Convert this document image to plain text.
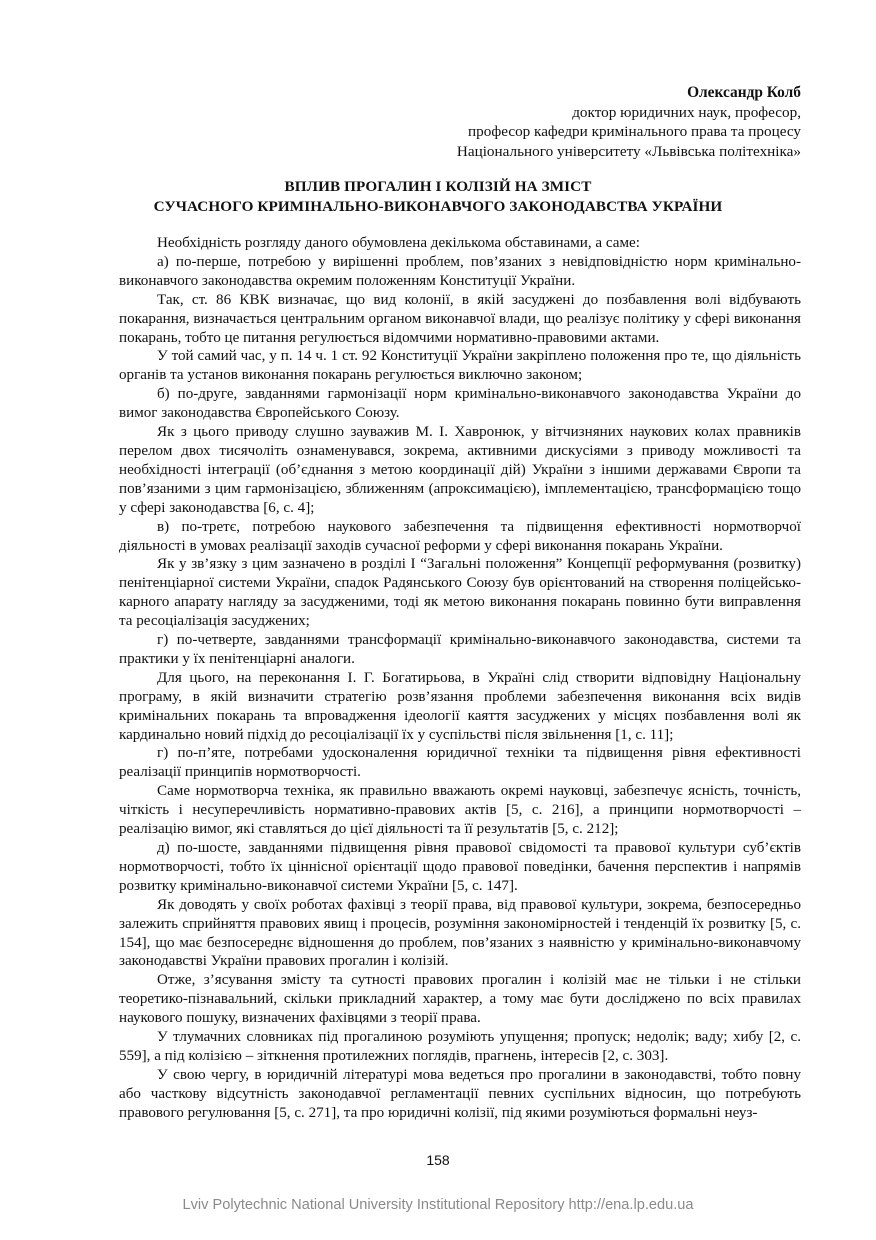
Олександр Колб
доктор юридичних наук, професор,
професор кафедри кримінального права та процесу
Національного університету «Львівська політехніка»
ВПЛИВ ПРОГАЛИН І КОЛІЗІЙ НА ЗМІСТ
СУЧАСНОГО КРИМІНАЛЬНО-ВИКОНАВЧОГО ЗАКОНОДАВСТВА УКРАЇНИ

Необхідність розгляду даного обумовлена декількома обставинами, а саме:

а) по-перше, потребою у вирішенні проблем, пов’язаних з невідповідністю норм кримінально-виконавчого законодавства окремим положенням Конституції України.

Так, ст. 86 КВК визначає, що вид колонії, в якій засуджені до позбавлення волі відбувають покарання, визначається центральним органом виконавчої влади, що реалізує політику у сфері виконання покарань, тобто це питання регулюється відомчими нормативно-правовими актами.

У той самий час, у п. 14 ч. 1 ст. 92 Конституції України закріплено положення про те, що діяльність органів та установ виконання покарань регулюється виключно законом;

б) по-друге, завданнями гармонізації норм кримінально-виконавчого законодавства України до вимог законодавства Європейського Союзу.

Як з цього приводу слушно зауважив М. І. Хавронюк, у вітчизняних наукових колах правників перелом двох тисячоліть ознаменувався, зокрема, активними дискусіями з приводу можливості та необхідності інтеграції (об’єднання з метою координації дій) України з іншими державами Європи та пов’язаними з цим гармонізацією, зближенням (апроксимацією), імплементацією, трансформацією тощо у сфері законодавства [6, с. 4];

в) по-третє, потребою наукового забезпечення та підвищення ефективності нормотворчої діяльності в умовах реалізації заходів сучасної реформи у сфері виконання покарань України.

Як у зв’язку з цим зазначено в розділі І “Загальні положення” Концепції реформування (розвитку) пенітенціарної системи України, спадок Радянського Союзу був орієнтований на створення поліцейсько-карного апарату нагляду за засудженими, тоді як метою виконання покарань повинно бути виправлення та ресоціалізація засуджених;

г) по-четверте, завданнями трансформації кримінально-виконавчого законодавства, системи та практики у їх пенітенціарні аналоги.

Для цього, на переконання І. Г. Богатирьова, в Україні слід створити відповідну Національну програму, в якій визначити стратегію розв’язання проблеми забезпечення виконання всіх видів кримінальних покарань та впровадження ідеології каяття засуджених у місцях позбавлення волі як кардинально новий підхід до ресоціалізації їх у суспільстві після звільнення [1, с. 11];

г) по-п’яте, потребами удосконалення юридичної техніки та підвищення рівня ефективності реалізації принципів нормотворчості.

Саме нормотворча техніка, як правильно вважають окремі науковці, забезпечує ясність, точність, чіткість і несуперечливість нормативно-правових актів [5, с. 216], а принципи нормотворчості – реалізацію вимог, які ставляться до цієї діяльності та її результатів [5, с. 212];

д) по-шосте, завданнями підвищення рівня правової свідомості та правової культури суб’єктів нормотворчості, тобто їх ціннісної орієнтації щодо правової поведінки, бачення перспектив і напрямів розвитку кримінально-виконавчої системи України [5, с. 147].

Як доводять у своїх роботах фахівці з теорії права, від правової культури, зокрема, безпосередньо залежить сприйняття правових явищ і процесів, розуміння закономірностей і тенденцій їх розвитку [5, с. 154], що має безпосереднє відношення до проблем, пов’язаних з наявністю у кримінально-виконавчому законодавстві України правових прогалин і колізій.

Отже, з’ясування змісту та сутності правових прогалин і колізій має не тільки і не стільки теоретико-пізнавальний, скільки прикладний характер, а тому має бути досліджено по всіх правилах наукового пошуку, визначених фахівцями з теорії права.

У тлумачних словниках під прогалиною розуміють упущення; пропуск; недолік; ваду; хибу [2, с. 559], а під колізією – зіткнення протилежних поглядів, прагнень, інтересів [2, с. 303].

У свою чергу, в юридичній літературі мова ведеться про прогалини в законодавстві, тобто повну або часткову відсутність законодавчої регламентації певних суспільних відносин, що потребують правового регулювання [5, с. 271], та про юридичні колізії, під якими розуміються формальні неуз-

158
Lviv Polytechnic National University Institutional Repository http://ena.lp.edu.ua
